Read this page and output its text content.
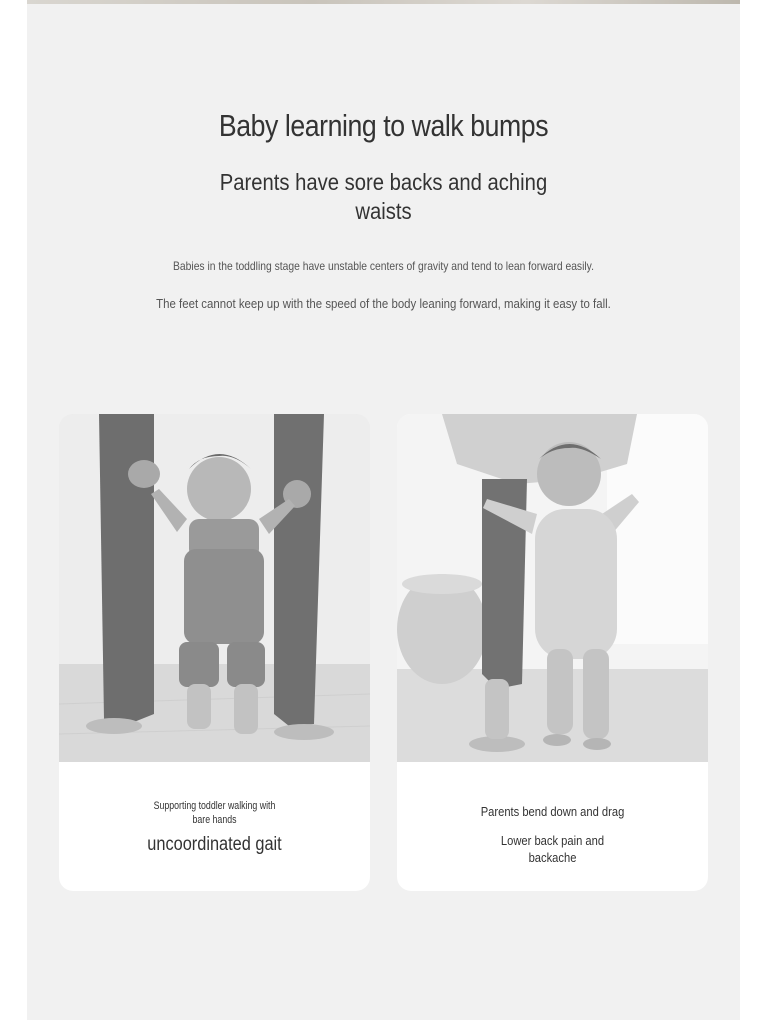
Baby learning to walk bumps
Parents have sore backs and aching waists
Babies in the toddling stage have unstable centers of gravity and tend to lean forward easily.
The feet cannot keep up with the speed of the body leaning forward, making it easy to fall.
Supporting toddler walking with bare hands
uncoordinated gait
Parents bend down and drag
Lower back pain and backache
